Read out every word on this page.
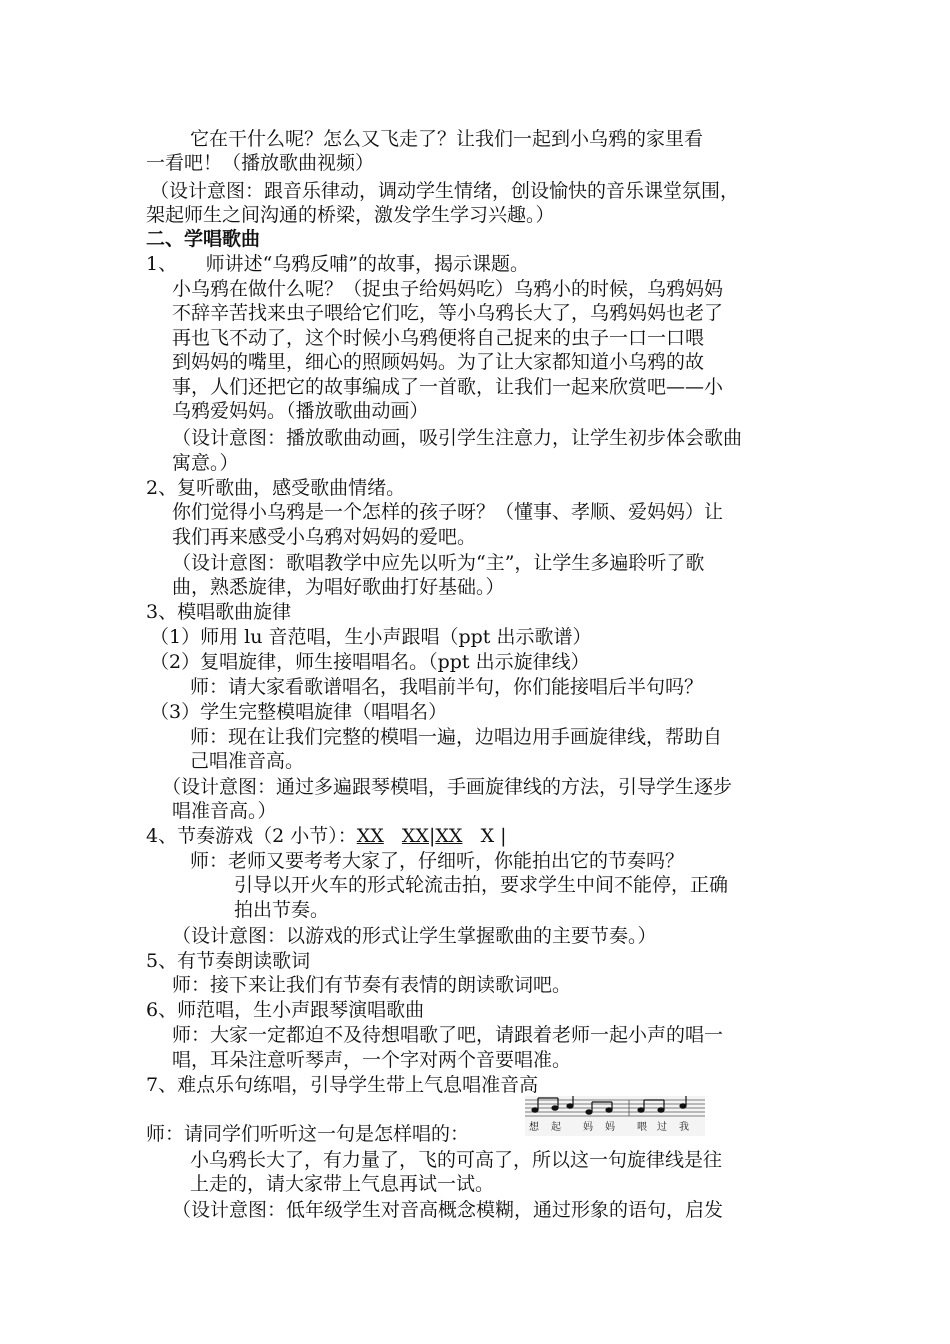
它在干什么呢？怎么又飞走了？让我们一起到小乌鸦的家里看
一看吧！（播放歌曲视频）
（设计意图：跟音乐律动，调动学生情绪，创设愉快的音乐课堂氛围，
架起师生之间沟通的桥梁，激发学生学习兴趣。）
二、学唱歌曲
1、　　师讲述“乌鸦反哺”的故事，揭示课题。
小乌鸦在做什么呢？（捉虫子给妈妈吃）乌鸦小的时候，乌鸦妈妈
不辞辛苦找来虫子喂给它们吃，等小乌鸦长大了，乌鸦妈妈也老了
再也飞不动了，这个时候小乌鸦便将自己捉来的虫子一口一口喂
到妈妈的嘴里，细心的照顾妈妈。为了让大家都知道小乌鸦的故
事，人们还把它的故事编成了一首歌，让我们一起来欣赏吧——小
乌鸦爱妈妈。（播放歌曲动画）
（设计意图：播放歌曲动画，吸引学生注意力，让学生初步体会歌曲
寓意。）
2、复听歌曲，感受歌曲情绪。
你们觉得小乌鸦是一个怎样的孩子呀？（懂事、孝顺、爱妈妈）让
我们再来感受小乌鸦对妈妈的爱吧。
（设计意图：歌唱教学中应先以听为“主”，让学生多遍聆听了歌
曲，熟悉旋律，为唱好歌曲打好基础。）
3、模唱歌曲旋律
（1）师用 lu 音范唱，生小声跟唱（ppt 出示歌谱）
（2）复唱旋律，师生接唱唱名。（ppt 出示旋律线）
师：请大家看歌谱唱名，我唱前半句，你们能接唱后半句吗？
（3）学生完整模唱旋律（唱唱名）
师：现在让我们完整的模唱一遍，边唱边用手画旋律线，帮助自
己唱准音高。
（设计意图：通过多遍跟琴模唱，手画旋律线的方法，引导学生逐步
唱准音高。）
4、节奏游戏（2 小节）：XX XX|XX X |
师：老师又要考考大家了，仔细听，你能拍出它的节奏吗？
引导以开火车的形式轮流击拍，要求学生中间不能停，正确
拍出节奏。
（设计意图：以游戏的形式让学生掌握歌曲的主要节奏。）
5、有节奏朗读歌词
师：接下来让我们有节奏有表情的朗读歌词吧。
6、师范唱，生小声跟琴演唱歌曲
师：大家一定都迫不及待想唱歌了吧，请跟着老师一起小声的唱一
唱，耳朵注意听琴声，一个字对两个音要唱准。
7、难点乐句练唱，引导学生带上气息唱准音高
师：请同学们听听这一句是怎样唱的：	想 起 妈 妈 喂 过 我
小乌鸦长大了，有力量了，飞的可高了，所以这一句旋律线是往
上走的，请大家带上气息再试一试。
（设计意图：低年级学生对音高概念模糊，通过形象的语句，启发
